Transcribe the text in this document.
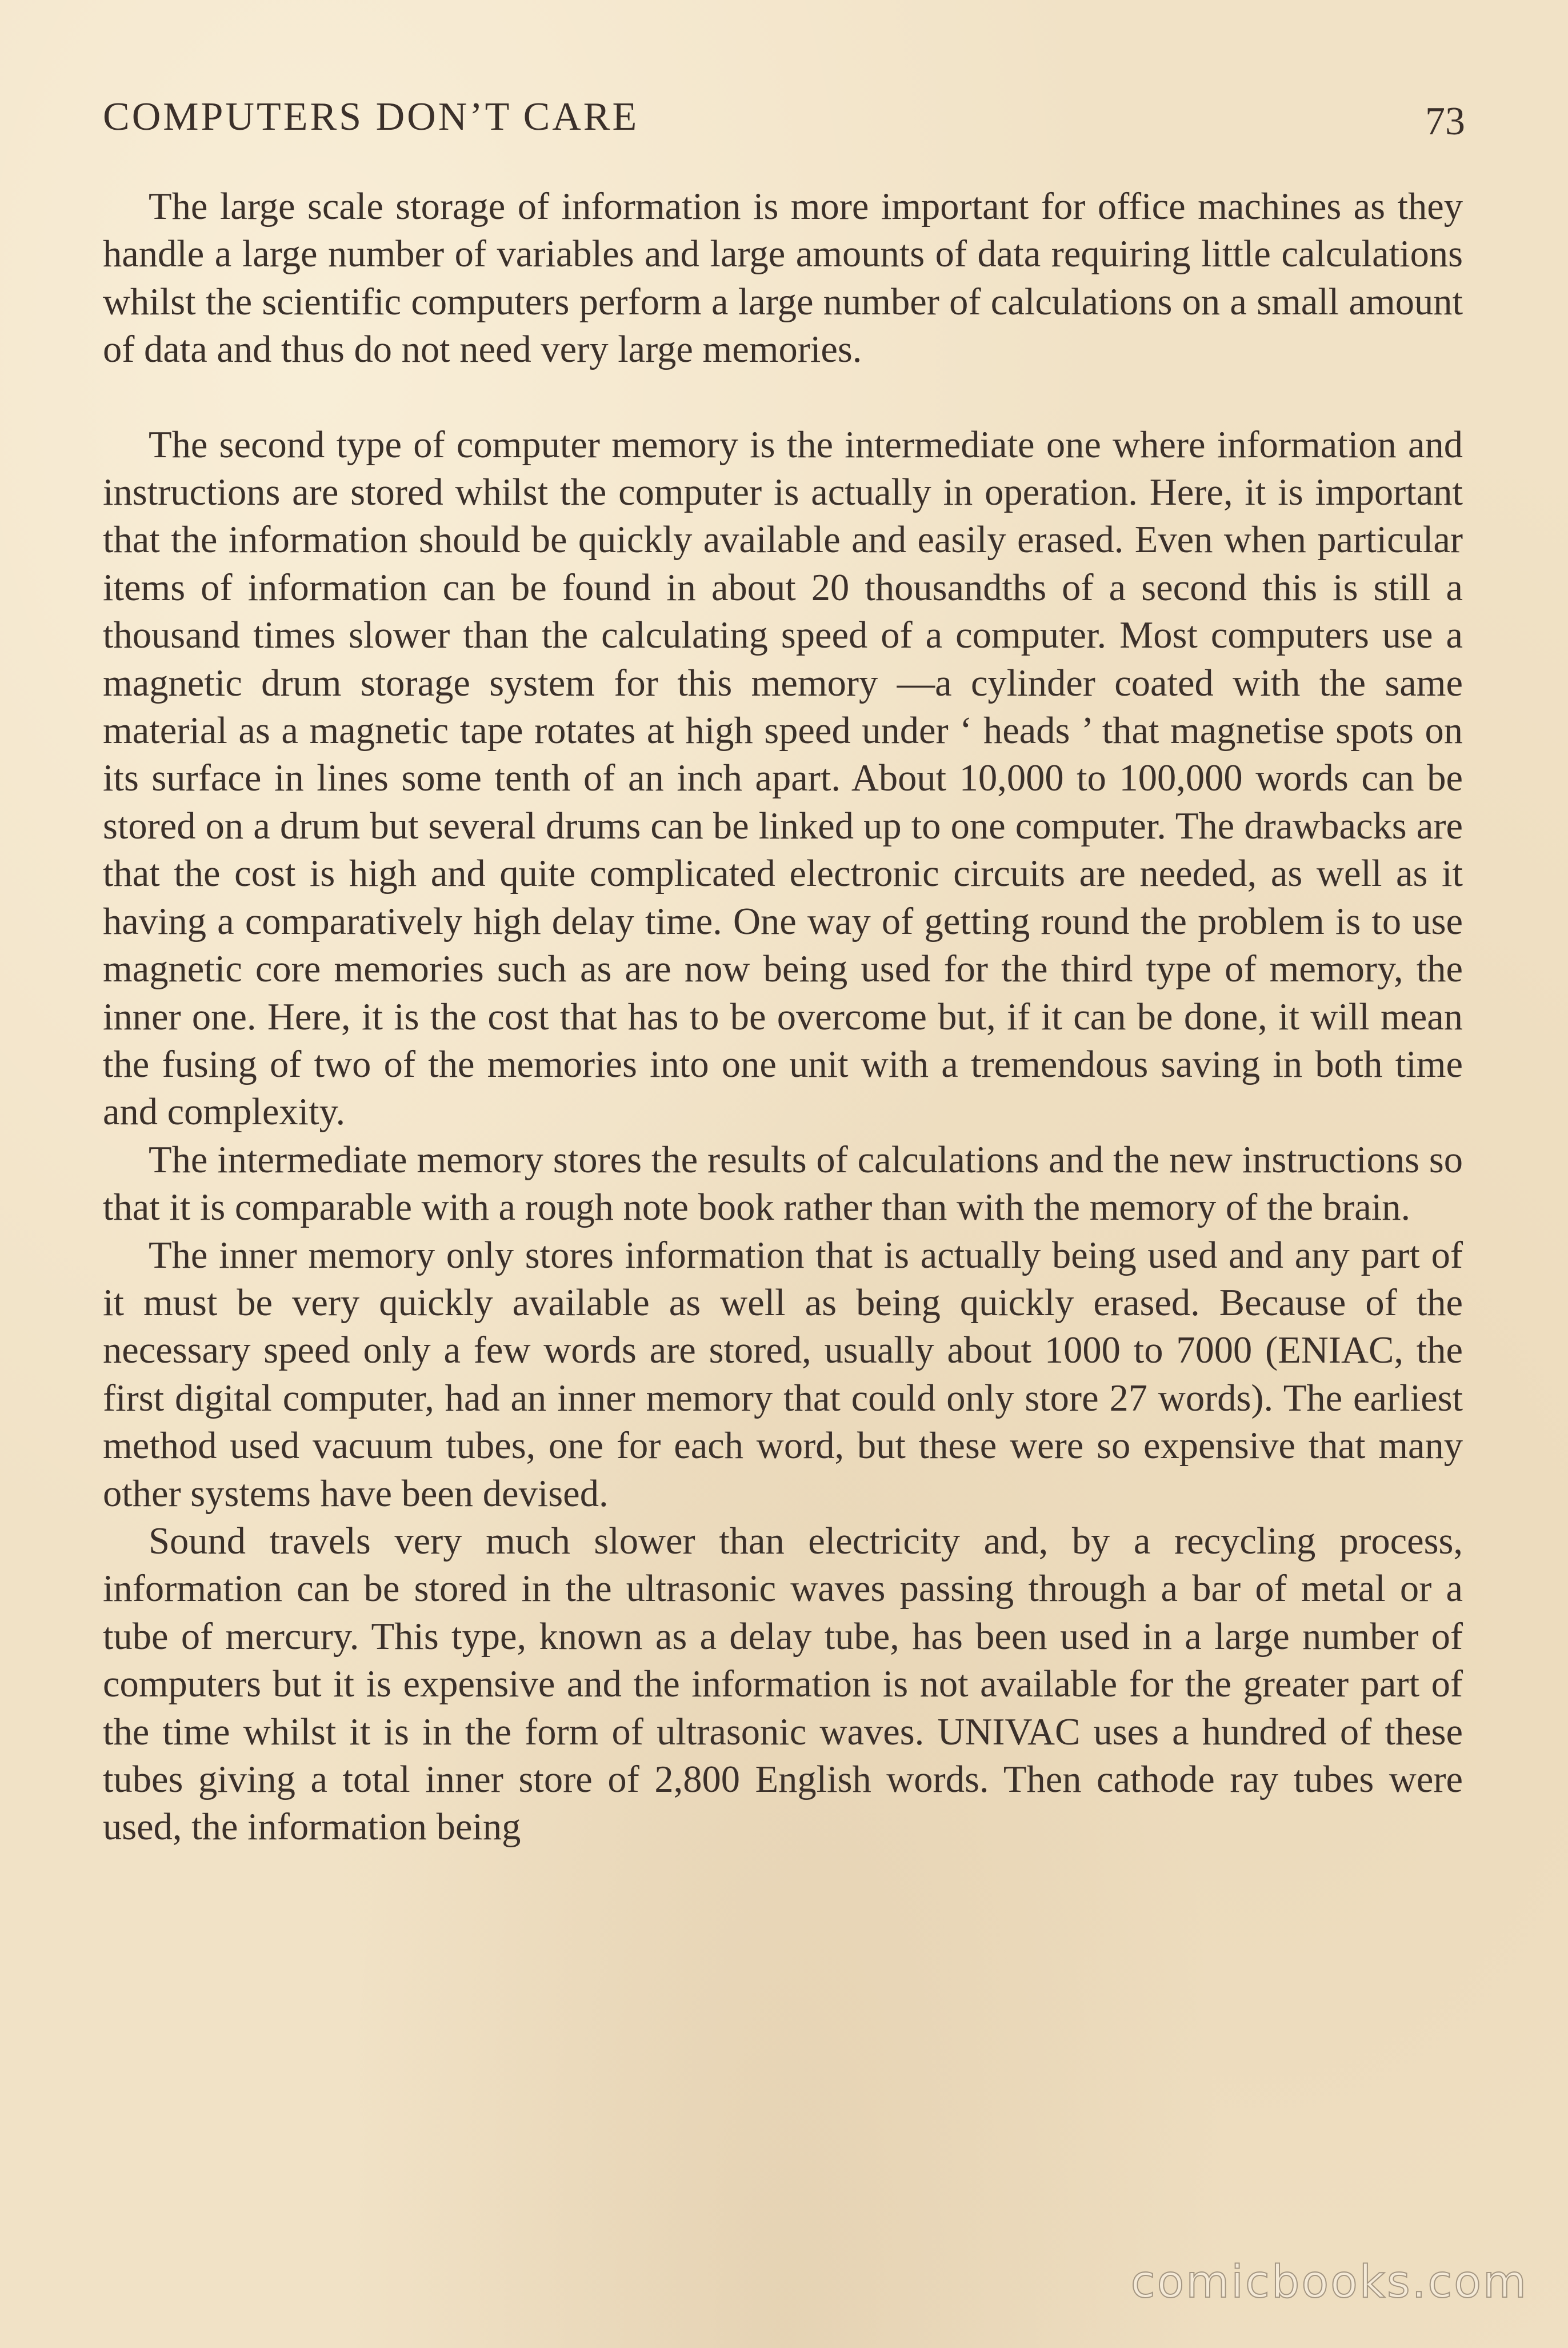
COMPUTERS DON’T CARE	73

The large scale storage of information is more important for office machines as they handle a large number of variables and large amounts of data requiring little calculations whilst the scientific computers perform a large number of calculations on a small amount of data and thus do not need very large memories.

The second type of computer memory is the intermediate one where information and instructions are stored whilst the computer is actually in operation. Here, it is important that the information should be quickly available and easily erased. Even when particular items of information can be found in about 20 thousandths of a second this is still a thousand times slower than the calculating speed of a computer. Most computers use a magnetic drum storage system for this memory —a cylinder coated with the same material as a magnetic tape rotates at high speed under ‘ heads ’ that magnetise spots on its surface in lines some tenth of an inch apart. About 10,000 to 100,000 words can be stored on a drum but several drums can be linked up to one computer. The drawbacks are that the cost is high and quite complicated electronic circuits are needed, as well as it having a comparatively high delay time. One way of getting round the problem is to use magnetic core memories such as are now being used for the third type of memory, the inner one. Here, it is the cost that has to be overcome but, if it can be done, it will mean the fusing of two of the memories into one unit with a tremendous saving in both time and complexity.

The intermediate memory stores the results of calculations and the new instructions so that it is comparable with a rough note book rather than with the memory of the brain.

The inner memory only stores information that is actually being used and any part of it must be very quickly available as well as being quickly erased. Because of the necessary speed only a few words are stored, usually about 1000 to 7000 (ENIAC, the first digital computer, had an inner memory that could only store 27 words). The earliest method used vacuum tubes, one for each word, but these were so expensive that many other systems have been devised.

Sound travels very much slower than electricity and, by a recycling process, information can be stored in the ultrasonic waves passing through a bar of metal or a tube of mercury. This type, known as a delay tube, has been used in a large number of computers but it is expensive and the information is not available for the greater part of the time whilst it is in the form of ultrasonic waves. UNIVAC uses a hundred of these tubes giving a total inner store of 2,800 English words. Then cathode ray tubes were used, the information being

comicbooks.com
